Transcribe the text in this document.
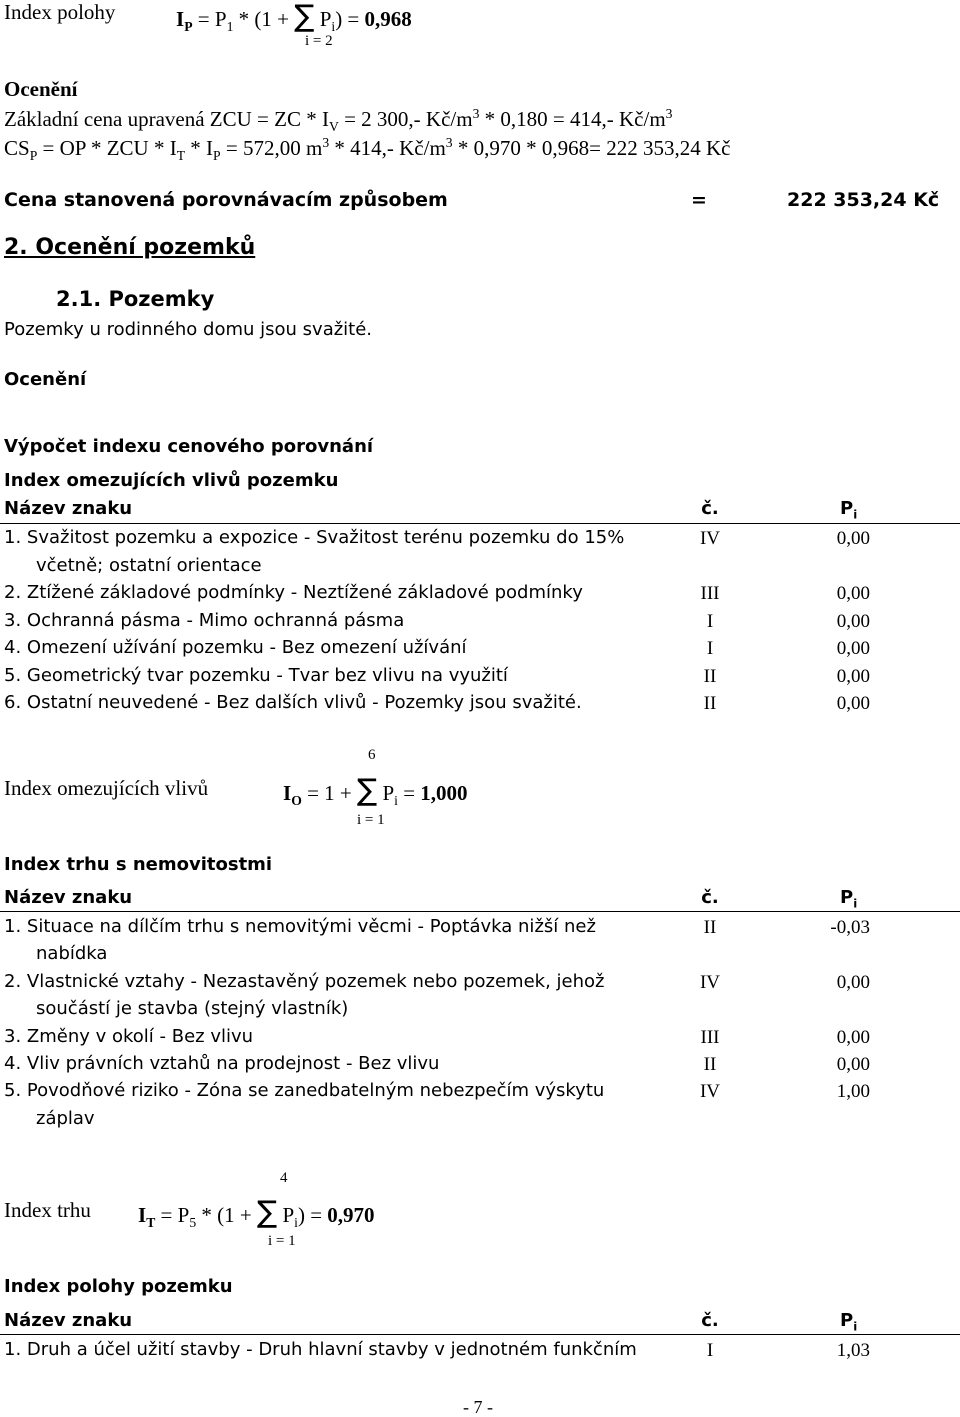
Index polohy	$I_P = P_1 * (1$ + ∑ $P_i) = 0,968$
i = 2
Ocenění
Základní cena upravená ZCU = ZC * $I_V = 2$ 300,- $Kč/m^3 * 0,180 = 414,-$ $Kč/m^3$
$CS_P$ = OP * ZCU * $I_T * I_P = 572,00$ $m^3 * 414,-$ $Kč/m^3 * 0,970 * 0,968= 222$ 353,24 Kč
Cena stanovená porovnávacím způsobem	=	222 353,24 Kč
2. Ocenění pozemků
2.1. Pozemky
Pozemky u rodinného domu jsou svažité.
Ocenění
Výpočet indexu cenového porovnání
Index omezujících vlivů pozemku
Název znaku	č.	$P_i$
1. Svažitost pozemku a expozice - Svažitost terénu pozemku do 15%	IV	0,00
včetně; ostatní orientace
2. Ztížené základové podmínky - Neztížené základové podmínky	III	0,00
3. Ochranná pásma - Mimo ochranná pásma	I	0,00
4. Omezení užívání pozemku - Bez omezení užívání	I	0,00
5. Geometrický tvar pozemku - Tvar bez vlivu na využití	II	0,00
6. Ostatní neuvedené - Bez dalších vlivů - Pozemky jsou svažité.	II	0,00
6
Index omezujících vlivů	$I_O = 1$ + ∑ $P_i = 1,000$
i = 1
Index trhu s nemovitostmi
Název znaku	č.	$P_i$
1. Situace na dílčím trhu s nemovitými věcmi - Poptávka nižší než	II	-0,03
nabídka
2. Vlastnické vztahy - Nezastavěný pozemek nebo pozemek, jehož	IV	0,00
součástí je stavba (stejný vlastník)
3. Změny v okolí - Bez vlivu	III	0,00
4. Vliv právních vztahů na prodejnost - Bez vlivu	II	0,00
5. Povodňové riziko - Zóna se zanedbatelným nebezpečím výskytu	IV	1,00
záplav
4
Index trhu $I_T = P_5 * (1$ + ∑ $P_i) = 0,970$
i = 1
Index polohy pozemku
Název znaku	č.	$P_i$
1. Druh a účel užití stavby - Druh hlavní stavby v jednotném funkčním	I	1,03
- 7 -
